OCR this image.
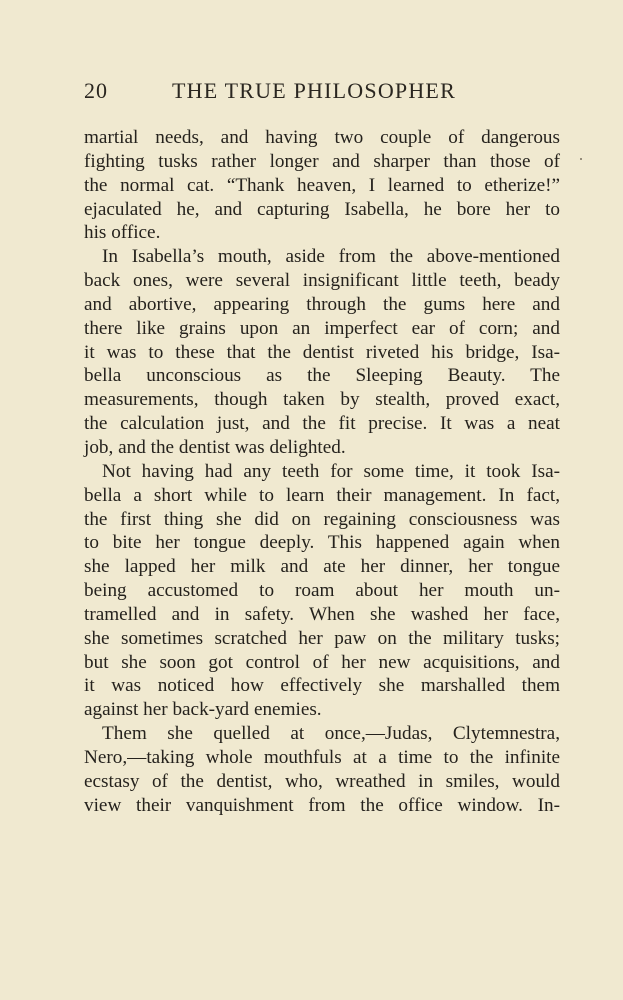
20	THE TRUE PHILOSOPHER
martial needs, and having two couple of dangerous
fighting tusks rather longer and sharper than those of
the normal cat. “Thank heaven, I learned to etherize!”
ejaculated he, and capturing Isabella, he bore her to
his office.
In Isabella’s mouth, aside from the above-mentioned
back ones, were several insignificant little teeth, beady
and abortive, appearing through the gums here and
there like grains upon an imperfect ear of corn; and
it was to these that the dentist riveted his bridge, Isa-
bella unconscious as the Sleeping Beauty. The
measurements, though taken by stealth, proved exact,
the calculation just, and the fit precise. It was a neat
job, and the dentist was delighted.
Not having had any teeth for some time, it took Isa-
bella a short while to learn their management. In fact,
the first thing she did on regaining consciousness was
to bite her tongue deeply. This happened again when
she lapped her milk and ate her dinner, her tongue
being accustomed to roam about her mouth un-
tramelled and in safety. When she washed her face,
she sometimes scratched her paw on the military tusks;
but she soon got control of her new acquisitions, and
it was noticed how effectively she marshalled them
against her back-yard enemies.
Them she quelled at once,—Judas, Clytemnestra,
Nero,—taking whole mouthfuls at a time to the infinite
ecstasy of the dentist, who, wreathed in smiles, would
view their vanquishment from the office window. In-
